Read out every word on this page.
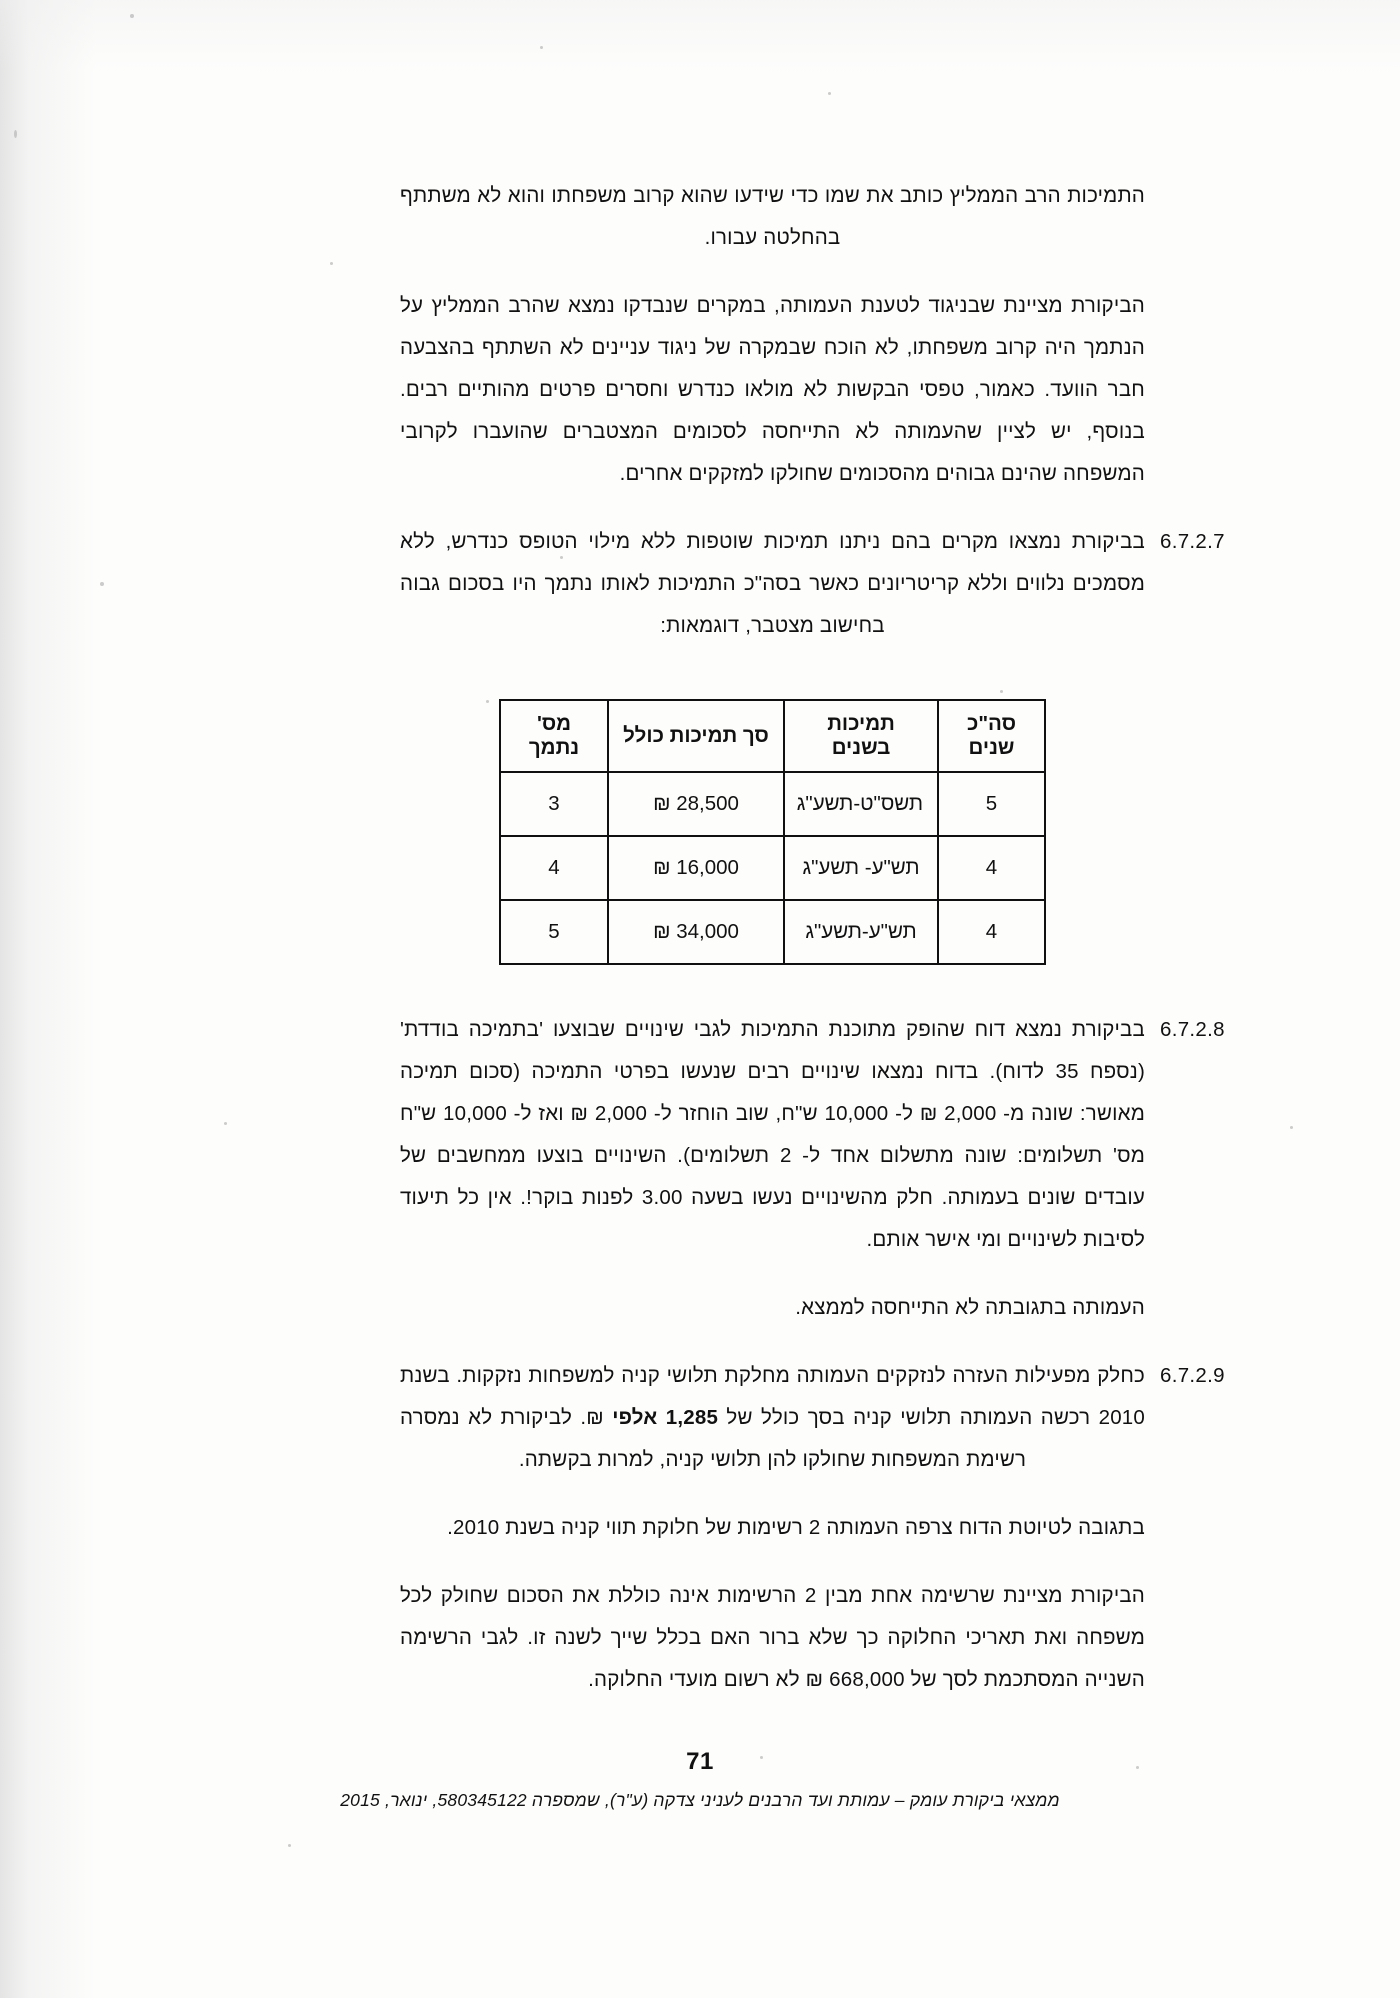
התמיכות הרב הממליץ כותב את שמו כדי שידעו שהוא קרוב משפחתו והוא לא משתתף בהחלטה עבורו.
הביקורת מציינת שבניגוד לטענת העמותה, במקרים שנבדקו נמצא שהרב הממליץ על הנתמך היה קרוב משפחתו, לא הוכח שבמקרה של ניגוד עניינים לא השתתף בהצבעה חבר הוועד. כאמור, טפסי הבקשות לא מולאו כנדרש וחסרים פרטים מהותיים רבים. בנוסף, יש לציין שהעמותה לא התייחסה לסכומים המצטברים שהועברו לקרובי המשפחה שהינם גבוהים מהסכומים שחולקו למזקקים אחרים.
6.7.2.7
בביקורת נמצאו מקרים בהם ניתנו תמיכות שוטפות ללא מילוי הטופס כנדרש, ללא מסמכים נלווים וללא קריטריונים כאשר בסה"כ התמיכות לאותו נתמך היו בסכום גבוה בחישוב מצטבר, דוגמאות:
סה"כ שנים	תמיכות בשנים	סך תמיכות כולל	מס' נתמך
5	תשס"ט-תשע"ג	28,500 ₪	3
4	תש"ע- תשע"ג	16,000 ₪	4
4	תש"ע-תשע"ג	34,000 ₪	5
6.7.2.8
בביקורת נמצא דוח שהופק מתוכנת התמיכות לגבי שינויים שבוצעו 'בתמיכה בודדת' (נספח 35 לדוח). בדוח נמצאו שינויים רבים שנעשו בפרטי התמיכה (סכום תמיכה מאושר: שונה מ- 2,000 ₪ ל- 10,000 ש"ח, שוב הוחזר ל- 2,000 ₪ ואז ל- 10,000 ש"ח מס' תשלומים: שונה מתשלום אחד ל- 2 תשלומים). השינויים בוצעו ממחשבים של עובדים שונים בעמותה. חלק מהשינויים נעשו בשעה 3.00 לפנות בוקר!. אין כל תיעוד לסיבות לשינויים ומי אישר אותם.
העמותה בתגובתה לא התייחסה לממצא.
6.7.2.9
כחלק מפעילות העזרה לנזקקים העמותה מחלקת תלושי קניה למשפחות נזקקות. בשנת 2010 רכשה העמותה תלושי קניה בסך כולל של 1,285 אלפי ₪. לביקורת לא נמסרה רשימת המשפחות שחולקו להן תלושי קניה, למרות בקשתה.
בתגובה לטיוטת הדוח צרפה העמותה 2 רשימות של חלוקת תווי קניה בשנת 2010.
הביקורת מציינת שרשימה אחת מבין 2 הרשימות אינה כוללת את הסכום שחולק לכל משפחה ואת תאריכי החלוקה כך שלא ברור האם בכלל שייך לשנה זו. לגבי הרשימה השנייה המסתכמת לסך של 668,000 ₪ לא רשום מועדי החלוקה.
71
ממצאי ביקורת עומק – עמותת ועד הרבנים לעניני צדקה (ע"ר), שמספרה 580345122, ינואר, 2015
